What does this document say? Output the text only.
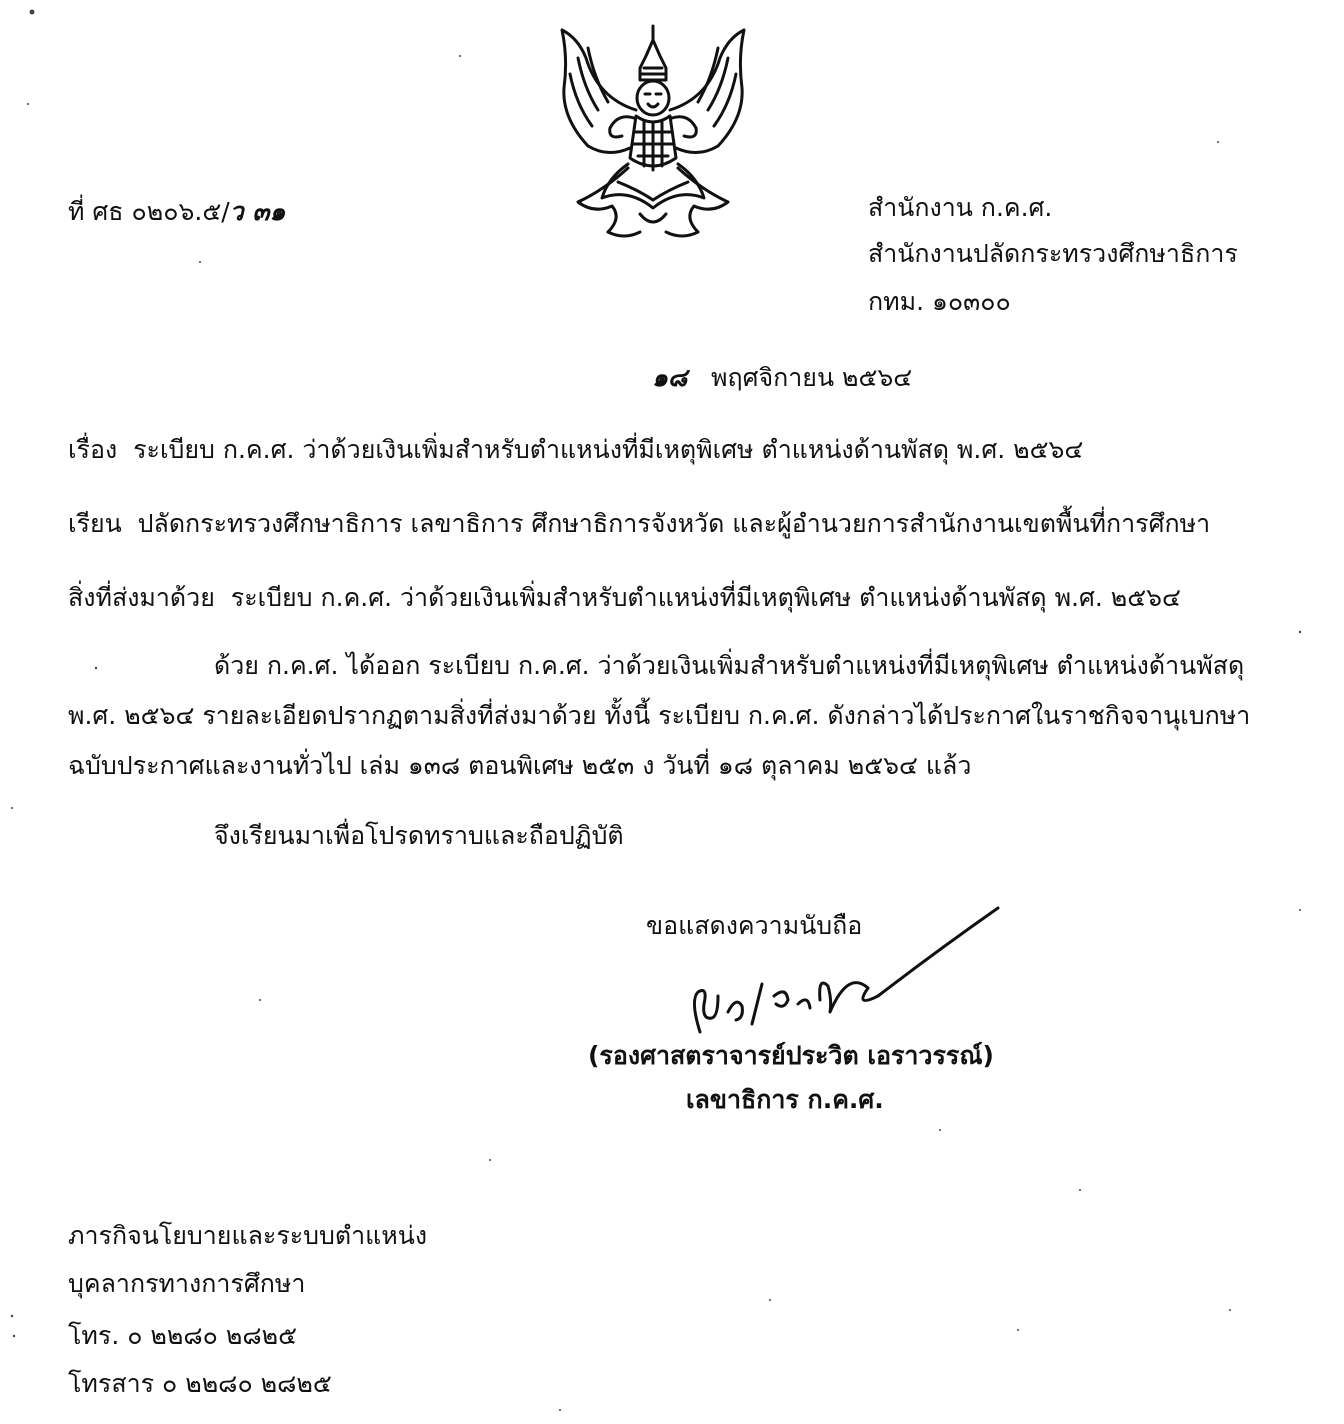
ที่ ศธ ๐๒๐๖.๕/ว ๓๑	สำนักงาน ก.ค.ศ.
สำนักงานปลัดกระทรวงศึกษาธิการ
กทม. ๑๐๓๐๐
๑๘ พฤศจิกายน ๒๕๖๔
เรื่อง ระเบียบ ก.ค.ศ. ว่าด้วยเงินเพิ่มสำหรับตำแหน่งที่มีเหตุพิเศษ ตำแหน่งด้านพัสดุ พ.ศ. ๒๕๖๔
เรียน ปลัดกระทรวงศึกษาธิการ เลขาธิการ ศึกษาธิการจังหวัด และผู้อำนวยการสำนักงานเขตพื้นที่การศึกษา
สิ่งที่ส่งมาด้วย ระเบียบ ก.ค.ศ. ว่าด้วยเงินเพิ่มสำหรับตำแหน่งที่มีเหตุพิเศษ ตำแหน่งด้านพัสดุ พ.ศ. ๒๕๖๔
ด้วย ก.ค.ศ. ได้ออก ระเบียบ ก.ค.ศ. ว่าด้วยเงินเพิ่มสำหรับตำแหน่งที่มีเหตุพิเศษ ตำแหน่งด้านพัสดุ
พ.ศ. ๒๕๖๔ รายละเอียดปรากฏตามสิ่งที่ส่งมาด้วย ทั้งนี้ ระเบียบ ก.ค.ศ. ดังกล่าวได้ประกาศในราชกิจจานุเบกษา
ฉบับประกาศและงานทั่วไป เล่ม ๑๓๘ ตอนพิเศษ ๒๕๓ ง วันที่ ๑๘ ตุลาคม ๒๕๖๔ แล้ว
จึงเรียนมาเพื่อโปรดทราบและถือปฏิบัติ
ขอแสดงความนับถือ
(รองศาสตราจารย์ประวิต เอราวรรณ์)
เลขาธิการ ก.ค.ศ.
ภารกิจนโยบายและระบบตำแหน่ง
บุคลากรทางการศึกษา
โทร. ๐ ๒๒๘๐ ๒๘๒๕
โทรสาร ๐ ๒๒๘๐ ๒๘๒๕
